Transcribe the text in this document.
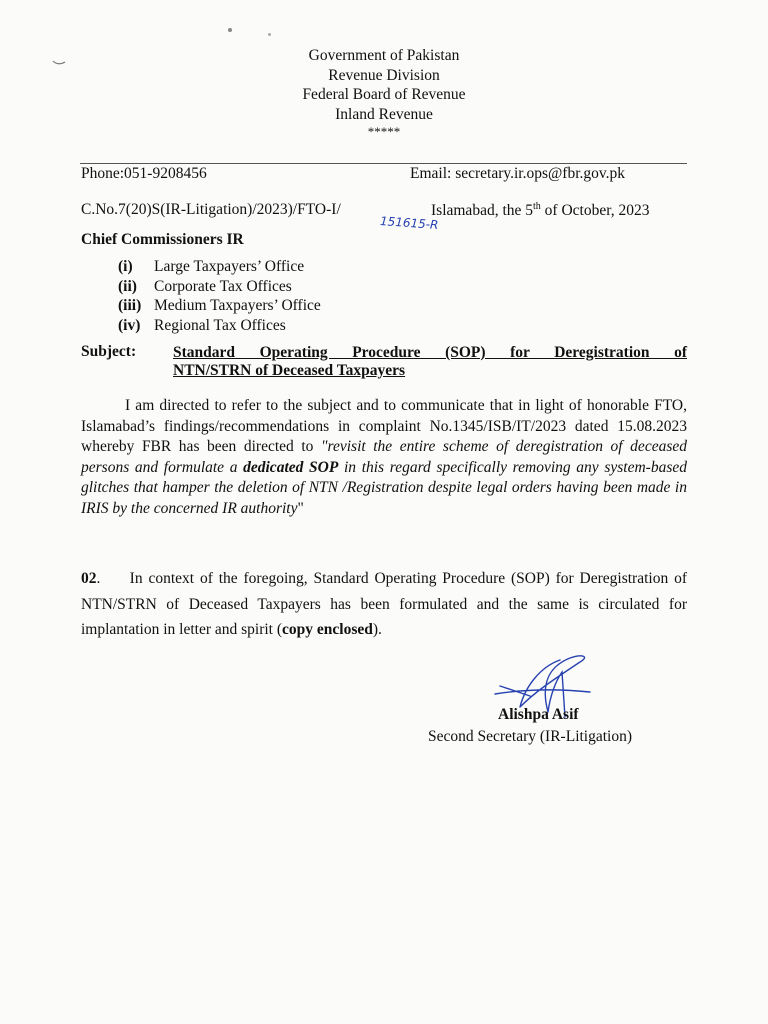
Government of Pakistan
Revenue Division
Federal Board of Revenue
Inland Revenue
*****
Phone:051-9208456	Email: secretary.ir.ops@fbr.gov.pk
C.No.7(20)S(IR-Litigation)/2023)/FTO-I/
151615-R
Islamabad, the 5th of October, 2023
Chief Commissioners IR
(i)	Large Taxpayers’ Office
(ii)	Corporate Tax Offices
(iii) Medium Taxpayers’ Office
(iv) Regional Tax Offices
Subject: Standard Operating Procedure (SOP) for Deregistration of
NTN/STRN of Deceased Taxpayers
I am directed to refer to the subject and to communicate that in light of honorable FTO, Islamabad’s findings/recommendations in complaint No.1345/ISB/IT/2023 dated 15.08.2023 whereby FBR has been directed to "revisit the entire scheme of deregistration of deceased persons and formulate a dedicated SOP in this regard specifically removing any system-based glitches that hamper the deletion of NTN /Registration despite legal orders having been made in IRIS by the concerned IR authority"
02.     In context of the foregoing, Standard Operating Procedure (SOP) for Deregistration of NTN/STRN of Deceased Taxpayers has been formulated and the same is circulated for implantation in letter and spirit (copy enclosed).
Alishpa Asif
Second Secretary (IR-Litigation)
